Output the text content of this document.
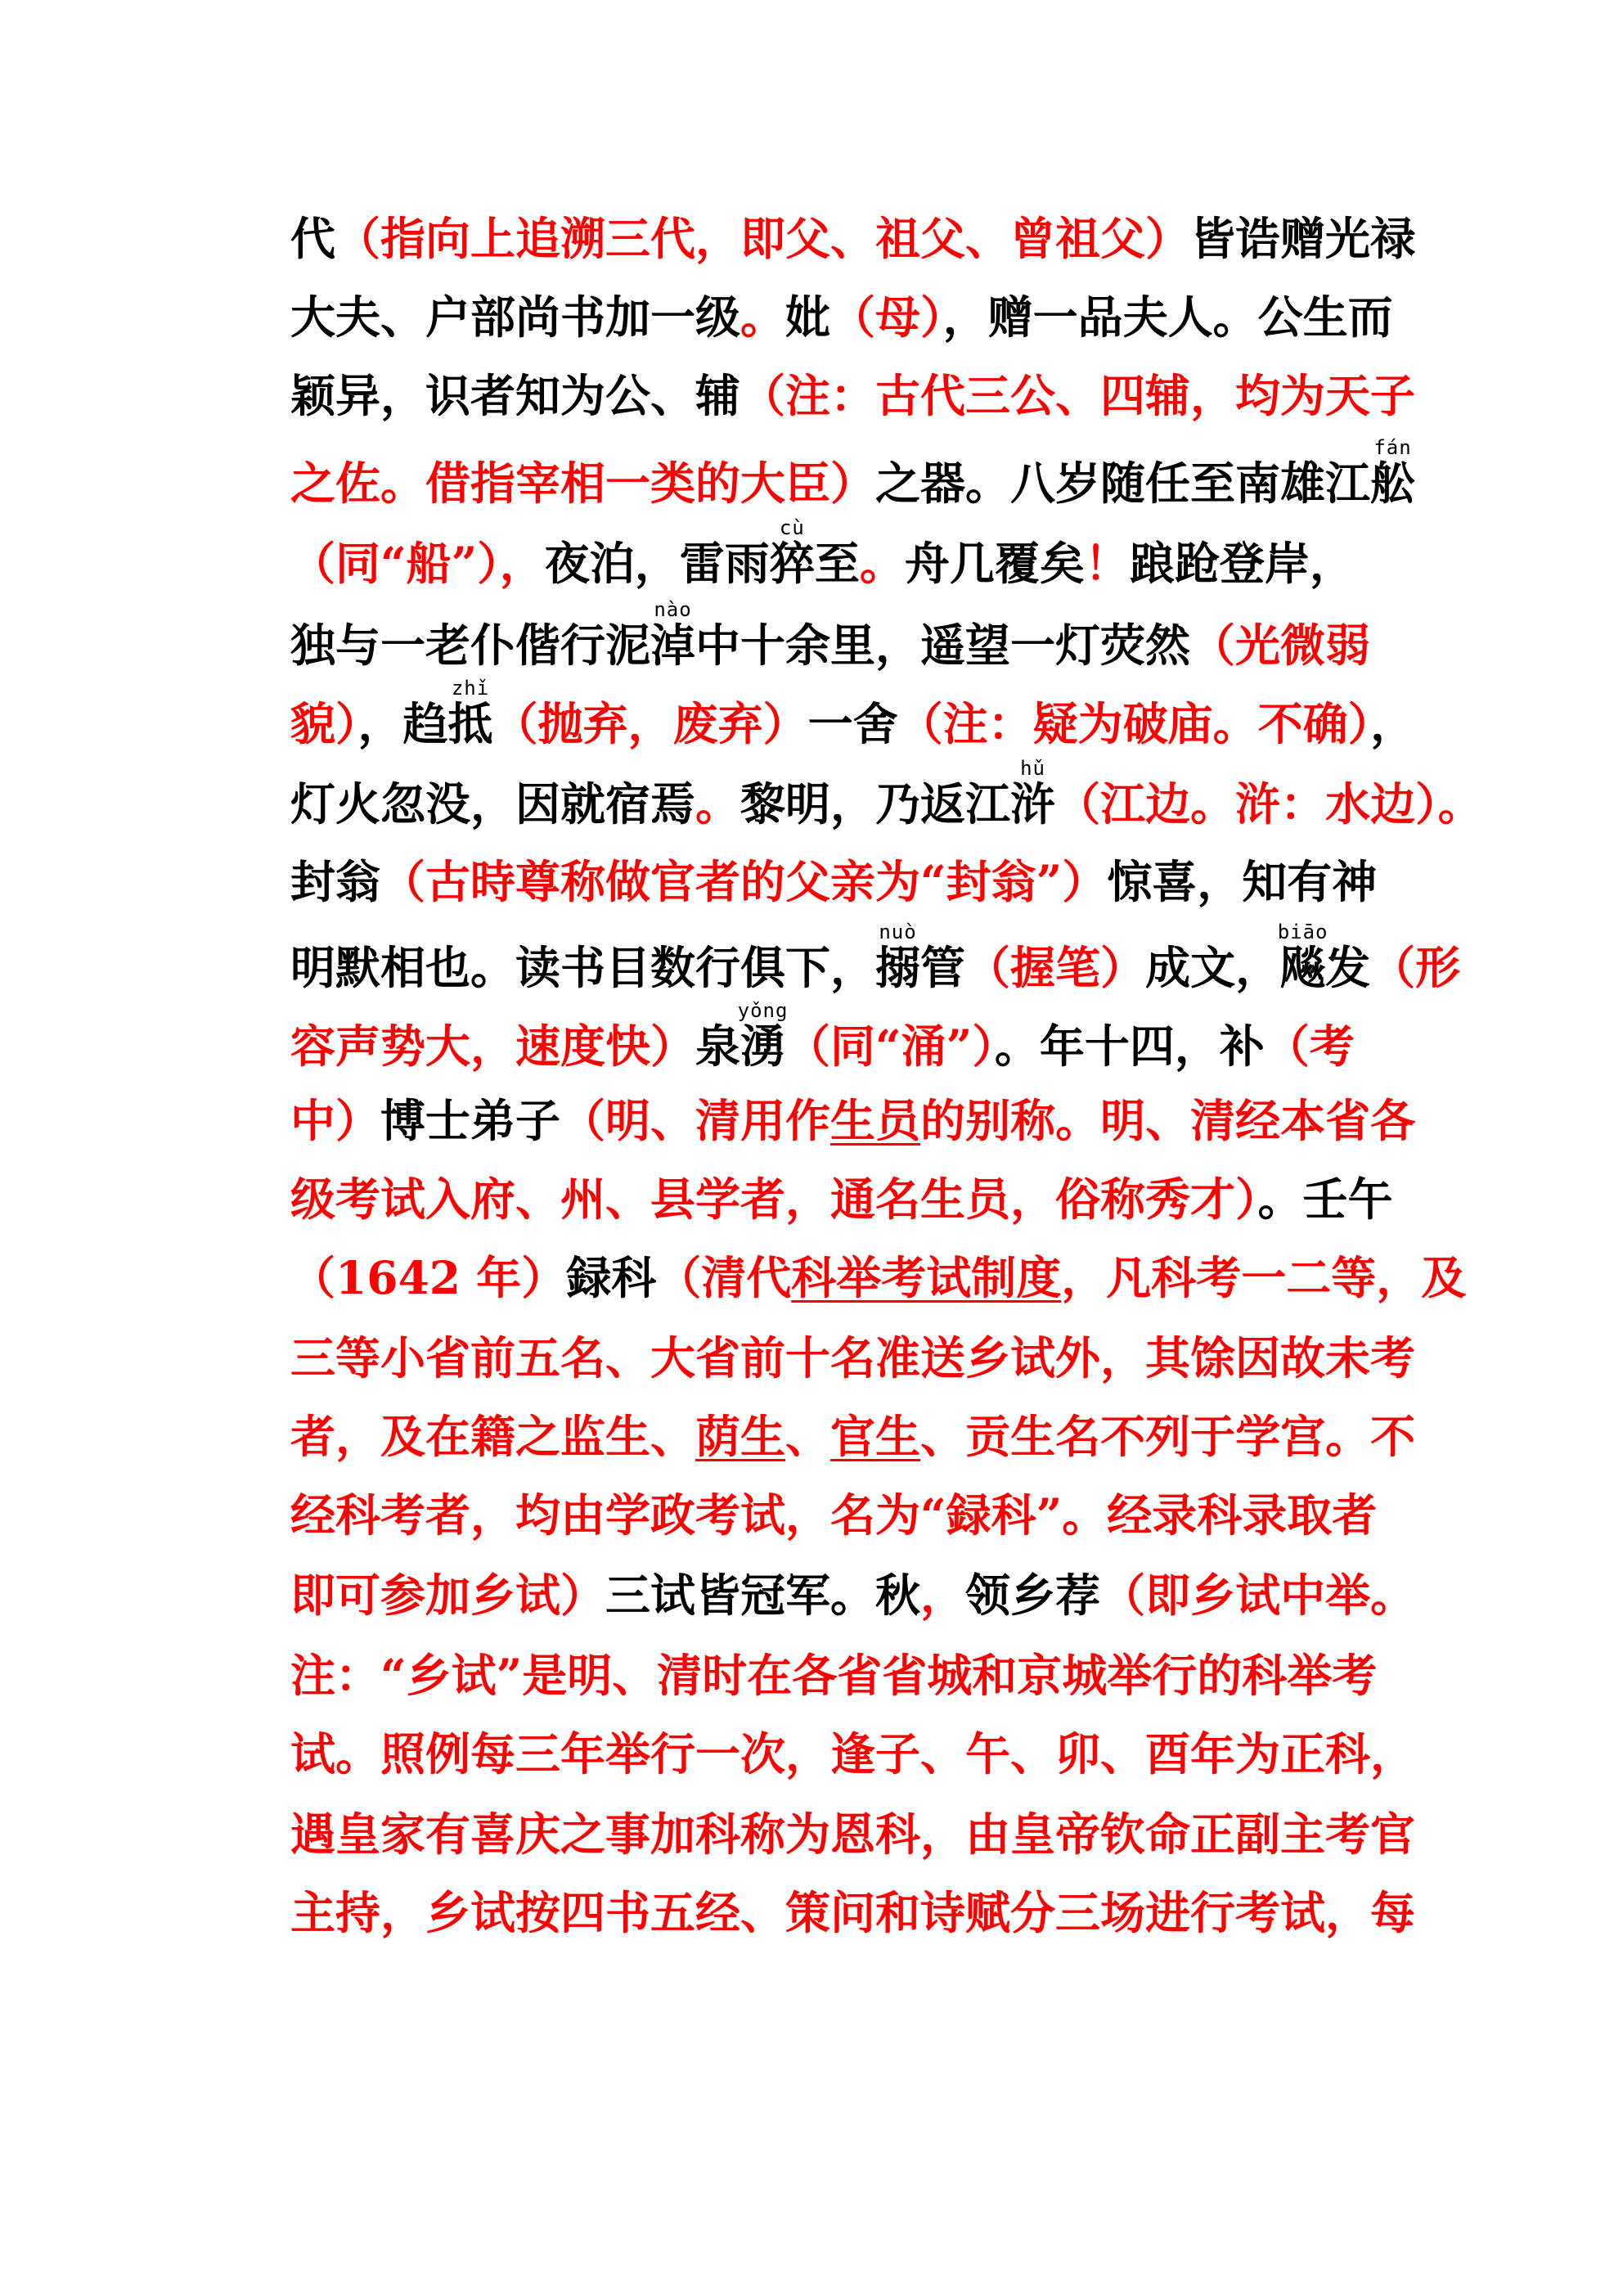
代（指向上追溯三代，即父、祖父、曾祖父）皆诰赠光禄
大夫、户部尚书加一级。妣（母），赠一品夫人。公生而
颖异，识者知为公、辅（注：古代三公、四辅，均为天子
之佐。借指宰相一类的大臣）之器。八岁随任至南雄江舩fán
（同“船”），夜泊，雷雨猝cù至。舟几覆矣！踉跄登岸，
独与一老仆偕行泥淖nào中十余里，遥望一灯荧然（光微弱
貌），趋抵zhǐ（抛弃，废弃）一舍（注：疑为破庙。不确），
灯火忽没，因就宿焉。黎明，乃返江浒hǔ（江边。浒：水边）。
封翁（古時尊称做官者的父亲为“封翁”）惊喜，知有神
明默相也。读书目数行俱下，搦nuò管（握笔）成文，飚biāo发（形
容声势大，速度快）泉湧yǒng（同“涌”）。年十四，补（考
中）博士弟子（明、清用作生员的别称。明、清经本省各
级考试入府、州、县学者，通名生员，俗称秀才）。壬午
（1642 年）録科（清代科举考试制度，凡科考一二等，及
三等小省前五名、大省前十名准送乡试外，其馀因故未考
者，及在籍之监生、荫生、官生、贡生名不列于学宫。不
经科考者，均由学政考试，名为“録科”。经录科录取者
即可参加乡试）三试皆冠军。秋，领乡荐（即乡试中举。
注：“乡试”是明、清时在各省省城和京城举行的科举考
试。照例每三年举行一次，逢子、午、卯、酉年为正科，
遇皇家有喜庆之事加科称为恩科，由皇帝钦命正副主考官
主持，乡试按四书五经、策问和诗赋分三场进行考试，每
